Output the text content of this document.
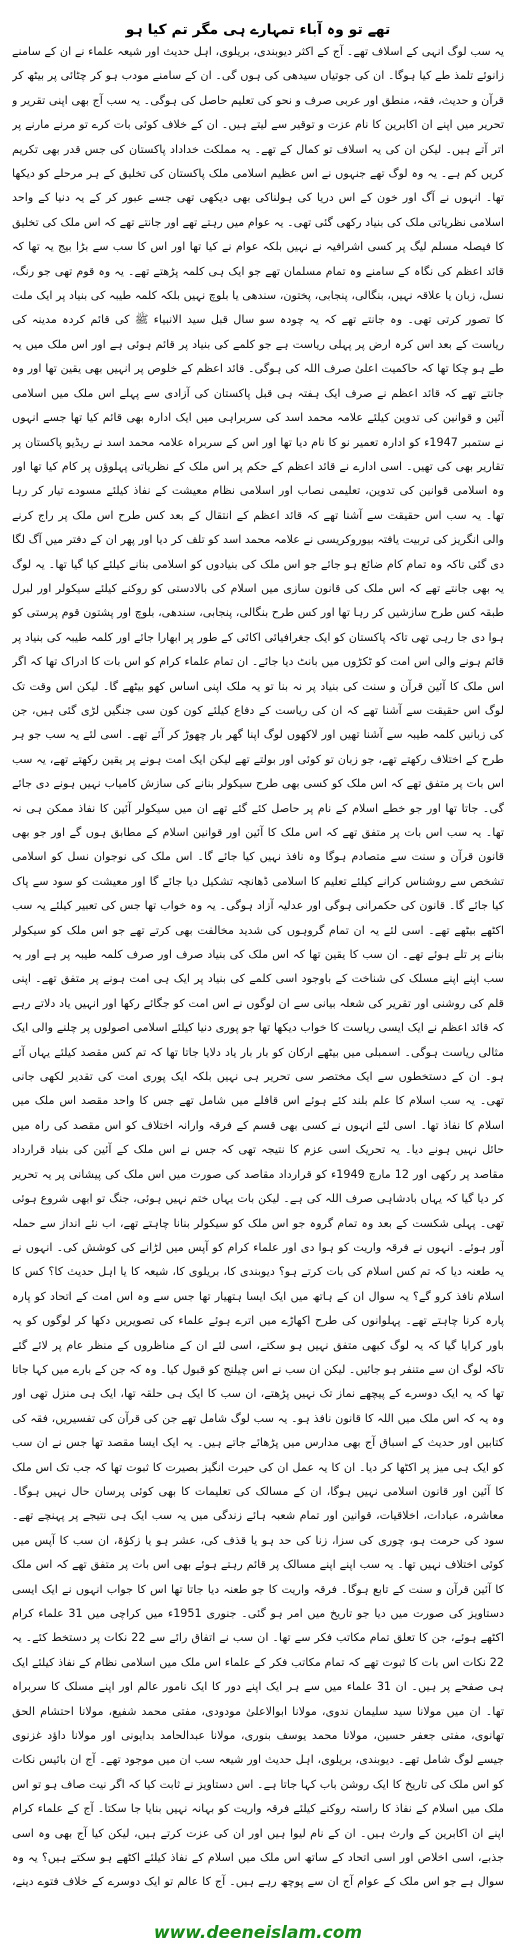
تھے تو وہ آباء تمہارے ہی مگر تم کیا ہو

یہ سب لوگ انہی کے اسلاف تھے۔ آج کے اکثر دیوبندی، بریلوی، اہل حدیث اور شیعہ علماء نے ان کے سامنے زانوئے تلمذ طے کیا ہوگا۔ ان کی جوتیاں سیدھی کی ہوں گی۔ ان کے سامنے مودب ہو کر چٹائی پر بیٹھ کر قرآن و حدیث، فقہ، منطق اور عربی صرف و نحو کی تعلیم حاصل کی ہوگی۔ یہ سب آج بھی اپنی تقریر و تحریر میں اپنے ان اکابرین کا نام عزت و توقیر سے لیتے ہیں۔ ان کے خلاف کوئی بات کرے تو مرنے مارنے پر اتر آتے ہیں۔ لیکن ان کی یہ اسلاف تو کمال کے تھے۔ یہ مملکت خداداد پاکستان کی جس قدر بھی تکریم کریں کم ہے۔ یہ وہ لوگ تھے جنہوں نے اس عظیم اسلامی ملک پاکستان کی تخلیق کے ہر مرحلے کو دیکھا تھا۔ انہوں نے آگ اور خون کے اس دریا کی ہولناکی بھی دیکھی تھی جسے عبور کر کے یہ دنیا کے واحد اسلامی نظریاتی ملک کی بنیاد رکھی گئی تھی۔ یہ عوام میں رہتے تھے اور جانتے تھے کہ اس ملک کی تخلیق کا فیصلہ مسلم لیگ پر کسی اشرافیہ نے نہیں بلکہ عوام نے کیا تھا اور اس کا سب سے بڑا بیج یہ تھا کہ قائد اعظم کی نگاہ کے سامنے وہ تمام مسلمان تھے جو ایک ہی کلمہ پڑھتے تھے۔ یہ وہ قوم تھی جو رنگ، نسل، زبان یا علاقہ نہیں، بنگالی، پنجابی، پختون، سندھی یا بلوچ نہیں بلکہ کلمہ طیبہ کی بنیاد پر ایک ملت کا تصور کرتی تھی۔ وہ جانتے تھے کہ یہ چودہ سو سال قبل سید الانبیاء ﷺ کی قائم کردہ مدینہ کی ریاست کے بعد اس کرہ ارض پر پہلی ریاست ہے جو کلمے کی بنیاد پر قائم ہوئی ہے اور اس ملک میں یہ طے ہو چکا تھا کہ حاکمیت اعلیٰ صرف اللہ کی ہوگی۔ قائد اعظم کے خلوص پر انہیں بھی یقین تھا اور وہ جانتے تھے کہ قائد اعظم نے صرف ایک ہفتہ ہی قبل پاکستان کی آزادی سے پہلے اس ملک میں اسلامی آئین و قوانین کی تدوین کیلئے علامہ محمد اسد کی سربراہی میں ایک ادارہ بھی قائم کیا تھا جسے انہوں نے ستمبر 1947ء کو ادارہ تعمیر نو کا نام دیا تھا اور اس کے سربراہ علامہ محمد اسد نے ریڈیو پاکستان پر تقاریر بھی کی تھیں۔ اسی ادارے نے قائد اعظم کے حکم پر اس ملک کے نظریاتی پہلوؤں پر کام کیا تھا اور وہ اسلامی قوانین کی تدوین، تعلیمی نصاب اور اسلامی نظام معیشت کے نفاذ کیلئے مسودے تیار کر رہا تھا۔ یہ سب اس حقیقت سے آشنا تھے کہ قائد اعظم کے انتقال کے بعد کس طرح اس ملک پر راج کرنے والی انگریز کی تربیت یافتہ بیوروکریسی نے علامہ محمد اسد کو تلف کر دیا اور پھر ان کے دفتر میں آگ لگا دی گئی تاکہ وہ تمام کام ضائع ہو جائے جو اس ملک کی بنیادوں کو اسلامی بنانے کیلئے کیا گیا تھا۔ یہ لوگ یہ بھی جانتے تھے کہ اس ملک کی قانون سازی میں اسلام کی بالادستی کو روکنے کیلئے سیکولر اور لبرل طبقہ کس طرح سازشیں کر رہا تھا اور کس طرح بنگالی، پنجابی، سندھی، بلوچ اور پشتون قوم پرستی کو ہوا دی جا رہی تھی تاکہ پاکستان کو ایک جغرافیائی اکائی کے طور پر ابھارا جائے اور کلمہ طیبہ کی بنیاد پر قائم ہونے والی اس امت کو ٹکڑوں میں بانٹ دیا جائے۔ ان تمام علماء کرام کو اس بات کا ادراک تھا کہ اگر اس ملک کا آئین قرآن و سنت کی بنیاد پر نہ بنا تو یہ ملک اپنی اساس کھو بیٹھے گا۔ لیکن اس وقت تک لوگ اس حقیقت سے آشنا تھے کہ ان کی ریاست کے دفاع کیلئے کون کون سی جنگیں لڑی گئی ہیں، جن کی زبانیں کلمہ طیبہ سے آشنا تھیں اور لاکھوں لوگ اپنا گھر بار چھوڑ کر آئے تھے۔ اسی لئے یہ سب جو ہر طرح کے اختلاف رکھتے تھے، جو زبان تو کوئی اور بولتے تھے لیکن ایک امت ہونے پر یقین رکھتے تھے، یہ سب اس بات پر متفق تھے کہ اس ملک کو کسی بھی طرح سیکولر بنانے کی سازش کامیاب نہیں ہونے دی جائے گی۔ جاتا تھا اور جو خطے اسلام کے نام پر حاصل کئے گئے تھے ان میں سیکولر آئین کا نفاذ ممکن ہی نہ تھا۔ یہ سب اس بات پر متفق تھے کہ اس ملک کا آئین اور قوانین اسلام کے مطابق ہوں گے اور جو بھی قانون قرآن و سنت سے متصادم ہوگا وہ نافذ نہیں کیا جائے گا۔ اس ملک کی نوجوان نسل کو اسلامی تشخص سے روشناس کرانے کیلئے تعلیم کا اسلامی ڈھانچہ تشکیل دیا جائے گا اور معیشت کو سود سے پاک کیا جائے گا۔ قانون کی حکمرانی ہوگی اور عدلیہ آزاد ہوگی۔ یہ وہ خواب تھا جس کی تعبیر کیلئے یہ سب اکٹھے بیٹھے تھے۔ اسی لئے یہ ان تمام گروہوں کی شدید مخالفت بھی کرتے تھے جو اس ملک کو سیکولر بنانے پر تلے ہوئے تھے۔ ان سب کا یقین تھا کہ اس ملک کی بنیاد صرف اور صرف کلمہ طیبہ پر ہے اور یہ سب اپنے اپنے مسلک کی شناخت کے باوجود اسی کلمے کی بنیاد پر ایک ہی امت ہونے پر متفق تھے۔ اپنی قلم کی روشنی اور تقریر کی شعلہ بیانی سے ان لوگوں نے اس امت کو جگائے رکھا اور انہیں یاد دلاتے رہے کہ قائد اعظم نے ایک ایسی ریاست کا خواب دیکھا تھا جو پوری دنیا کیلئے اسلامی اصولوں پر چلنے والی ایک مثالی ریاست ہوگی۔ اسمبلی میں بیٹھے ارکان کو بار بار یاد دلایا جاتا تھا کہ تم کس مقصد کیلئے یہاں آئے ہو۔ ان کے دستخطوں سے ایک مختصر سی تحریر ہی نہیں بلکہ ایک پوری امت کی تقدیر لکھی جانی تھی۔ یہ سب اسلام کا علم بلند کئے ہوئے اس قافلے میں شامل تھے جس کا واحد مقصد اس ملک میں اسلام کا نفاذ تھا۔ اسی لئے انہوں نے کسی بھی قسم کے فرقہ وارانہ اختلاف کو اس مقصد کی راہ میں حائل نہیں ہونے دیا۔ یہ تحریک اسی عزم کا نتیجہ تھی کہ جس نے اس ملک کے آئین کی بنیاد قرارداد مقاصد پر رکھی اور 12 مارچ 1949ء کو قرارداد مقاصد کی صورت میں اس ملک کی پیشانی پر یہ تحریر کر دیا گیا کہ یہاں بادشاہی صرف اللہ کی ہے۔ لیکن بات یہاں ختم نہیں ہوئی، جنگ تو ابھی شروع ہوئی تھی۔ پہلی شکست کے بعد وہ تمام گروہ جو اس ملک کو سیکولر بنانا چاہتے تھے، اب نئے انداز سے حملہ آور ہوئے۔ انہوں نے فرقہ واریت کو ہوا دی اور علماء کرام کو آپس میں لڑانے کی کوشش کی۔ انہوں نے یہ طعنہ دیا کہ تم کس اسلام کی بات کرتے ہو؟ دیوبندی کا، بریلوی کا، شیعہ کا یا اہل حدیث کا؟ کس کا اسلام نافذ کرو گے؟ یہ سوال ان کے ہاتھ میں ایک ایسا ہتھیار تھا جس سے وہ اس امت کے اتحاد کو پارہ پارہ کرنا چاہتے تھے۔ پہلوانوں کی طرح اکھاڑے میں اترے ہوئے علماء کی تصویریں دکھا کر لوگوں کو یہ باور کرایا گیا کہ یہ لوگ کبھی متفق نہیں ہو سکتے، اسی لئے ان کے مناظروں کے منظر عام پر لائے گئے تاکہ لوگ ان سے متنفر ہو جائیں۔ لیکن ان سب نے اس چیلنج کو قبول کیا۔ وہ کہ جن کے بارے میں کہا جاتا تھا کہ یہ ایک دوسرے کے پیچھے نماز تک نہیں پڑھتے، ان سب کا ایک ہی حلقہ تھا، ایک ہی منزل تھی اور وہ یہ کہ اس ملک میں اللہ کا قانون نافذ ہو۔ یہ سب لوگ شامل تھے جن کی قرآن کی تفسیریں، فقہ کی کتابیں اور حدیث کے اسباق آج بھی مدارس میں پڑھائے جاتے ہیں۔ یہ ایک ایسا مقصد تھا جس نے ان سب کو ایک ہی میز پر اکٹھا کر دیا۔ ان کا یہ عمل ان کی حیرت انگیز بصیرت کا ثبوت تھا کہ جب تک اس ملک کا آئین اور قانون اسلامی نہیں ہوگا، ان کے مسالک کی تعلیمات کا بھی کوئی پرسان حال نہیں ہوگا۔ معاشرہ، عبادات، اخلاقیات، قوانین اور تمام شعبہ ہائے زندگی میں یہ سب ایک ہی نتیجے پر پہنچے تھے۔ سود کی حرمت ہو، چوری کی سزا، زنا کی حد ہو یا قذف کی، عشر ہو یا زکوٰۃ، ان سب کا آپس میں کوئی اختلاف نہیں تھا۔ یہ سب اپنے اپنے مسالک پر قائم رہتے ہوئے بھی اس بات پر متفق تھے کہ اس ملک کا آئین قرآن و سنت کے تابع ہوگا۔ فرقہ واریت کا جو طعنہ دیا جاتا تھا اس کا جواب انہوں نے ایک ایسی دستاویز کی صورت میں دیا جو تاریخ میں امر ہو گئی۔ جنوری 1951ء میں کراچی میں 31 علماء کرام اکٹھے ہوئے، جن کا تعلق تمام مکاتب فکر سے تھا۔ ان سب نے اتفاق رائے سے 22 نکات پر دستخط کئے۔ یہ 22 نکات اس بات کا ثبوت تھے کہ تمام مکاتب فکر کے علماء اس ملک میں اسلامی نظام کے نفاذ کیلئے ایک ہی صفحے پر ہیں۔ ان 31 علماء میں سے ہر ایک اپنے دور کا ایک نامور عالم اور اپنے مسلک کا سربراہ تھا۔ ان میں مولانا سید سلیمان ندوی، مولانا ابوالاعلیٰ مودودی، مفتی محمد شفیع، مولانا احتشام الحق تھانوی، مفتی جعفر حسین، مولانا محمد یوسف بنوری، مولانا عبدالحامد بدایونی اور مولانا داؤد غزنوی جیسے لوگ شامل تھے۔ دیوبندی، بریلوی، اہل حدیث اور شیعہ سب ان میں موجود تھے۔ آج ان بائیس نکات کو اس ملک کی تاریخ کا ایک روشن باب کہا جاتا ہے۔ اس دستاویز نے ثابت کیا کہ اگر نیت صاف ہو تو اس ملک میں اسلام کے نفاذ کا راستہ روکنے کیلئے فرقہ واریت کو بہانہ نہیں بنایا جا سکتا۔ آج کے علماء کرام اپنے ان اکابرین کے وارث ہیں۔ ان کے نام لیوا ہیں اور ان کی عزت کرتے ہیں، لیکن کیا آج بھی وہ اسی جذبے، اسی اخلاص اور اسی اتحاد کے ساتھ اس ملک میں اسلام کے نفاذ کیلئے اکٹھے ہو سکتے ہیں؟ یہ وہ سوال ہے جو اس ملک کے عوام آج ان سے پوچھ رہے ہیں۔ آج کا عالم تو ایک دوسرے کے خلاف فتوے دینے،

www.deeneislam.com
